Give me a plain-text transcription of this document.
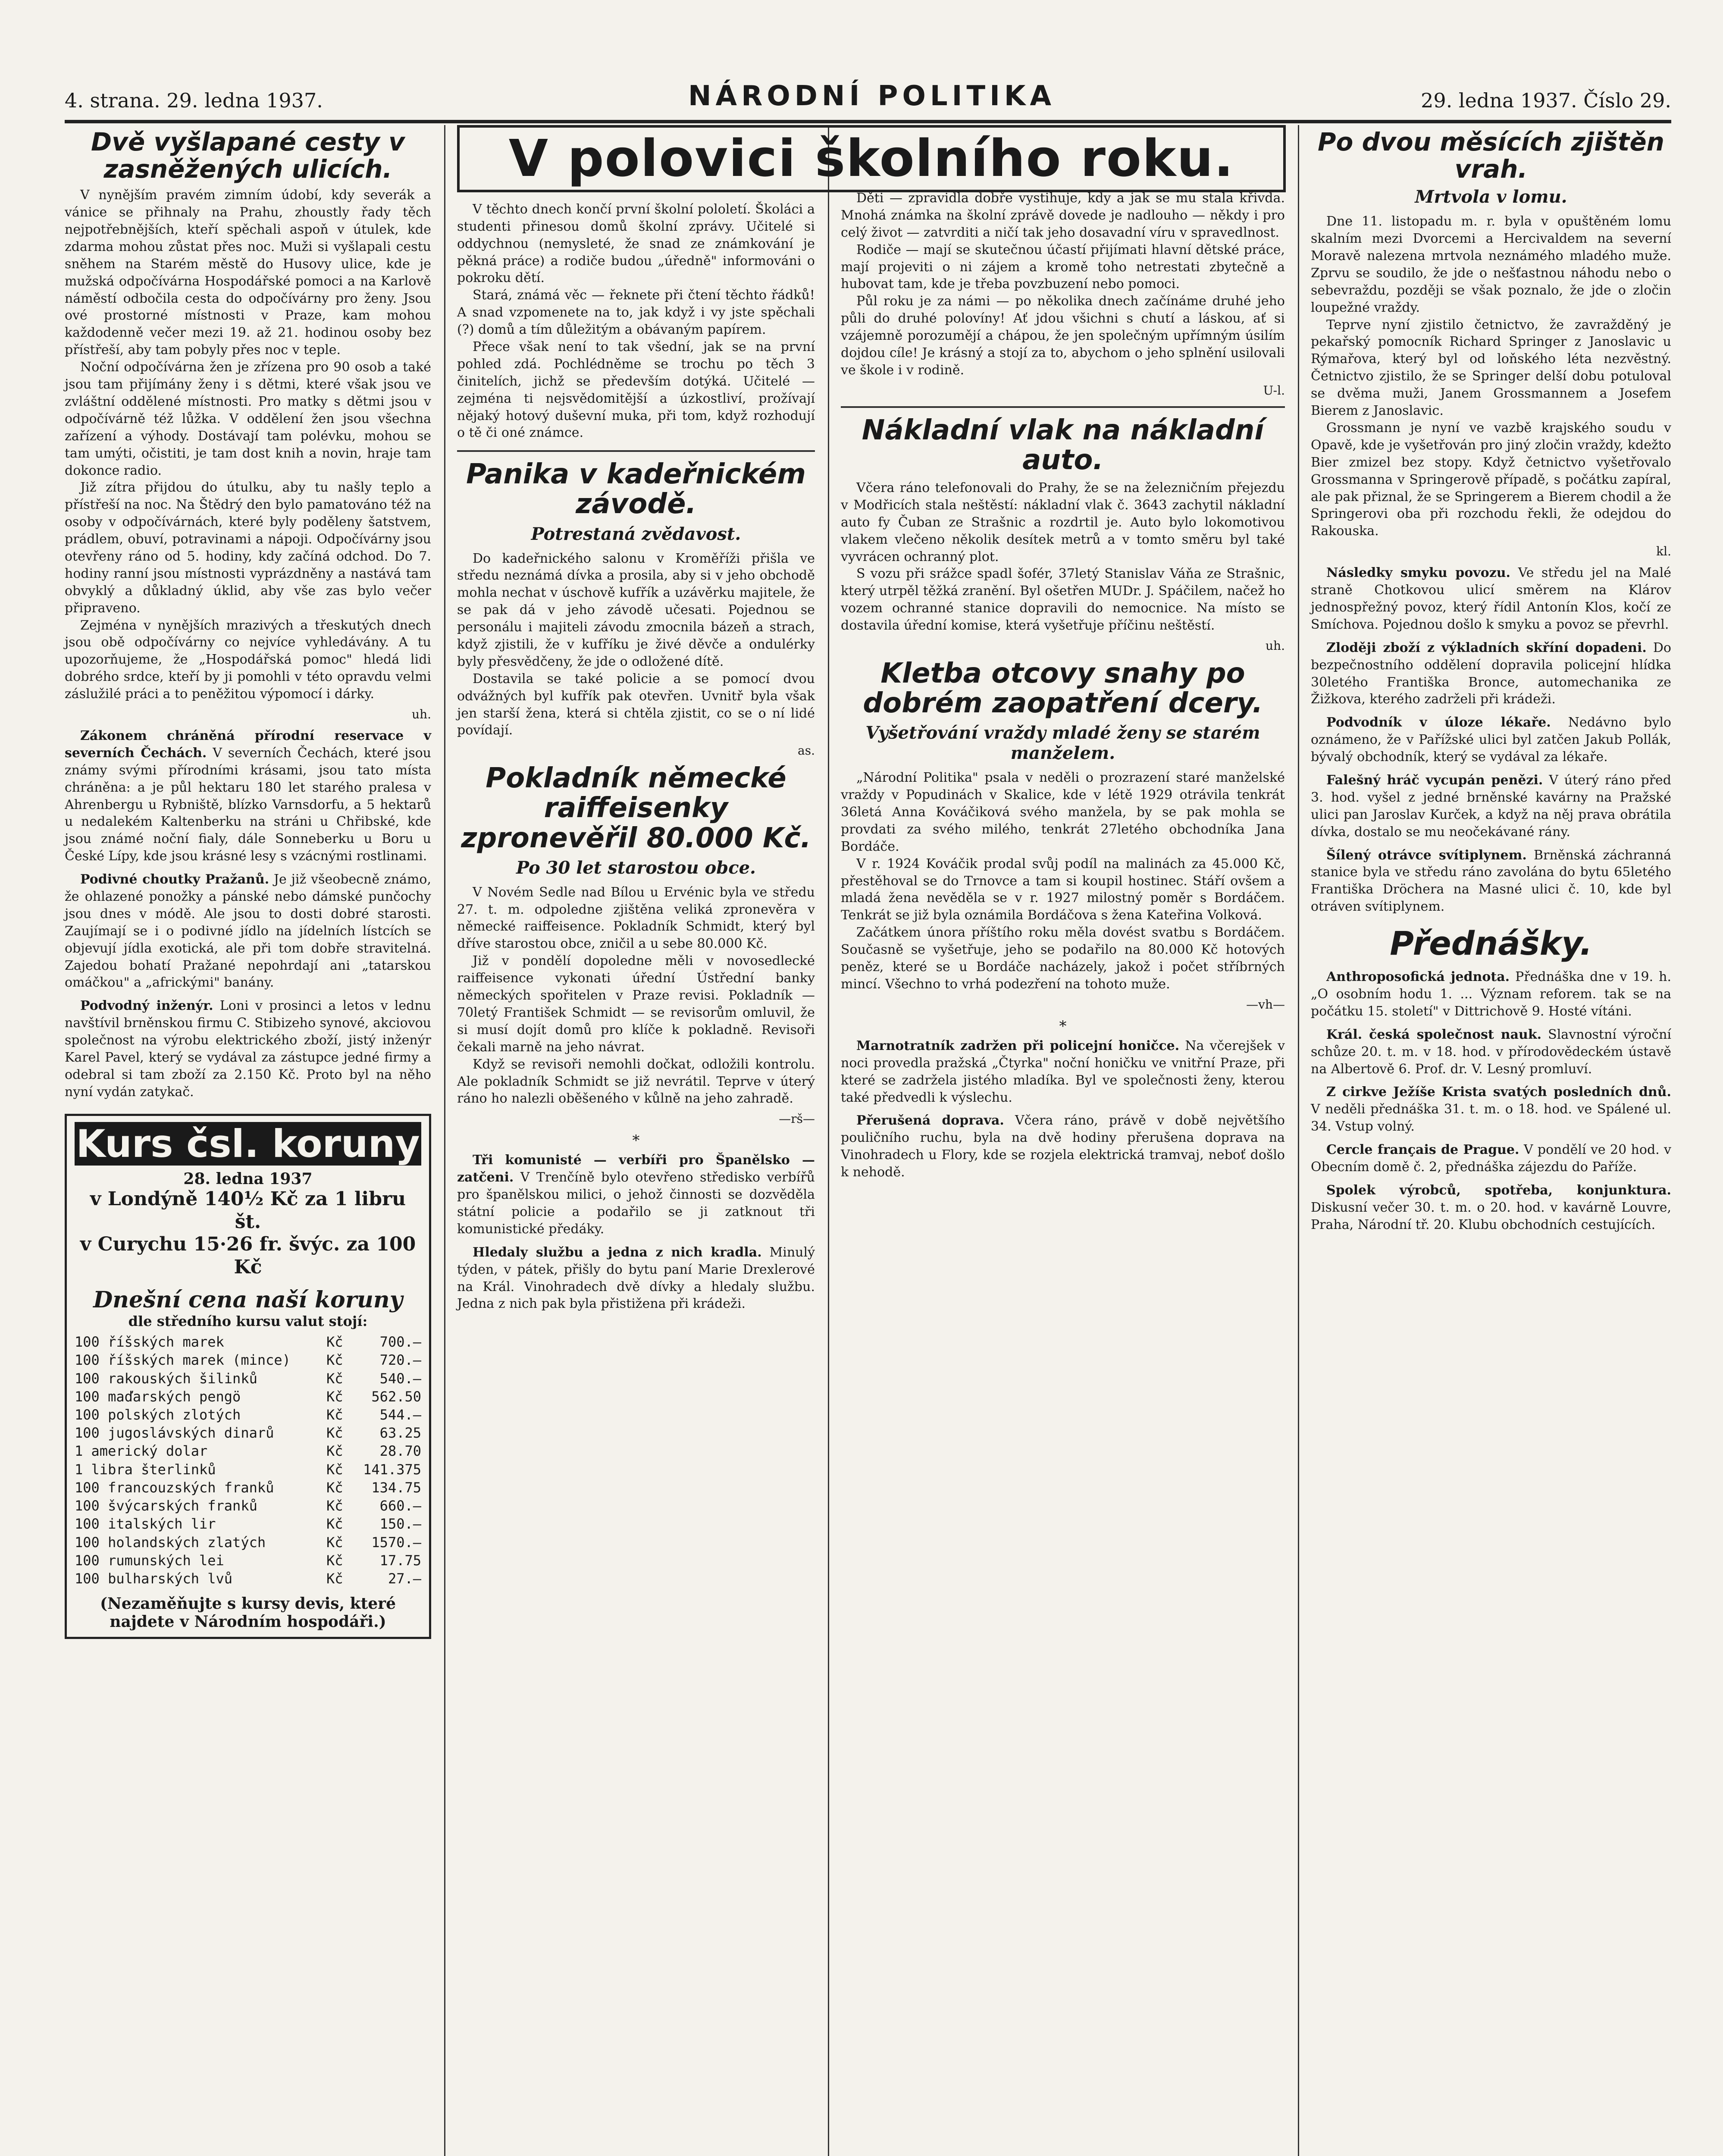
4. strana. 29. ledna 1937.	NÁRODNÍ POLITIKA	29. ledna 1937. Číslo 29.
Dvě vyšlapané cesty v zasněžených ulicích.

V nynějším pravém zimním údobí, kdy severák a vánice se přihnaly na Prahu, zhoustly řady těch nejpotřebnějších, kteří spěchali aspoň v útulek, kde zdarma mohou zůstat přes noc. Muži si vyšlapali cestu sněhem na Starém městě do Husovy ulice, kde je mužská odpočívárna Hospodářské pomoci a na Karlově náměstí odbočila cesta do odpočívárny pro ženy. Jsou ové prostorné místnosti v Praze, kam mohou každodenně večer mezi 19. až 21. hodinou osoby bez přístřeší, aby tam pobyly přes noc v teple.

Noční odpočívárna žen je zřízena pro 90 osob a také jsou tam přijímány ženy i s dětmi, které však jsou ve zvláštní oddělené místnosti. Pro matky s dětmi jsou v odpočívárně též lůžka. V oddělení žen jsou všechna zařízení a výhody. Dostávají tam polévku, mohou se tam umýti, očistiti, je tam dost knih a novin, hraje tam dokonce radio.

Již zítra přijdou do útulku, aby tu našly teplo a přístřeší na noc. Na Štědrý den bylo pamatováno též na osoby v odpočívárnách, které byly poděleny šatstvem, prádlem, obuví, potravinami a nápoji. Odpočívárny jsou otevřeny ráno od 5. hodiny, kdy začíná odchod. Do 7. hodiny ranní jsou místnosti vyprázdněny a nastává tam obvyklý a důkladný úklid, aby vše zas bylo večer připraveno.

Zejména v nynějších mrazivých a třeskutých dnech jsou obě odpočívárny co nejvíce vyhledávány. A tu upozorňujeme, že „Hospodářská pomoc" hledá lidi dobrého srdce, kteří by ji pomohli v této opravdu velmi záslužilé práci a to peněžitou výpomocí i dárky.

uh.

Zákonem chráněná přírodní reservace v severních Čechách. V severních Čechách, které jsou známy svými přírodními krásami, jsou tato místa chráněna: a je půl hektaru 180 let starého pralesa v Ahrenbergu u Rybniště, blízko Varnsdorfu, a 5 hektarů u nedalekém Kaltenberku na stráni u Chřibské, kde jsou známé noční fialy, dále Sonneberku u Boru u České Lípy, kde jsou krásné lesy s vzácnými rostlinami.

Podivné choutky Pražanů. Je již všeobecně známo, že ohlazené ponožky a pánské nebo dámské punčochy jsou dnes v módě. Ale jsou to dosti dobré starosti. Zaujímají se i o podivné jídlo na jídelních lístcích se objevují jídla exotická, ale při tom dobře stravitelná. Zajedou bohatí Pražané nepohrdají ani „tatarskou omáčkou" a „africkými" banány.

Podvodný inženýr. Loni v prosinci a letos v lednu navštívil brněnskou firmu C. Stibizeho synové, akciovou společnost na výrobu elektrického zboží, jistý inženýr Karel Pavel, který se vydával za zástupce jedné firmy a odebral si tam zboží za 2.150 Kč. Proto byl na něho nyní vydán zatykač.

Kurs čsl. koruny
28. ledna 1937
v Londýně 140½ Kč za 1 libru št.
v Curychu 15·26 fr. švýc. za 100 Kč
Dnešní cena naší koruny
dle středního kursu valut stojí:
100 říšských marek	Kč	700.—
100 říšských marek (mince)	Kč	720.—
100 rakouských šilinků	Kč	540.—
100 maďarských pengö	Kč	562.50
100 polských zlotých	Kč	544.—
100 jugoslávských dinarů	Kč	63.25
1 americký dolar	Kč	28.70
1 libra šterlinků	Kč	141.375
100 francouzských franků	Kč	134.75
100 švýcarských franků	Kč	660.—
100 italských lir	Kč	150.—
100 holandských zlatých	Kč	1570.—
100 rumunských lei	Kč	17.75
100 bulharských lvů	Kč	27.—
(Nezaměňujte s kursy devis, které najdete v Národním hospodáři.)
V polovici školního roku.

V těchto dnech končí první školní pololetí. Školáci a studenti přinesou domů školní zprávy. Učitelé si oddychnou (nemysleté, že snad ze známkování je pěkná práce) a rodiče budou „úředně" informováni o pokroku dětí.

Stará, známá věc — řeknete při čtení těchto řádků! A snad vzpomenete na to, jak když i vy jste spěchali (?) domů a tím důležitým a obávaným papírem.

Přece však není to tak všední, jak se na první pohled zdá. Pochlédněme se trochu po těch 3 činitelích, jichž se především dotýká. Učitelé — zejména ti nejsvědomitější a úzkostliví, prožívají nějaký hotový duševní muka, při tom, když rozhodují o tě či oné známce.

Panika v kadeřnickém závodě.
Potrestaná zvědavost.

Do kadeřnického salonu v Kroměříži přišla ve středu neznámá dívka a prosila, aby si v jeho obchodě mohla nechat v úschově kufřík a uzávěrku majitele, že se pak dá v jeho závodě učesati. Pojednou se personálu i majiteli závodu zmocnila bázeň a strach, když zjistili, že v kufříku je živé děvče a ondulérky byly přesvědčeny, že jde o odložené dítě.

Dostavila se také policie a se pomocí dvou odvážných byl kufřík pak otevřen. Uvnitř byla však jen starší žena, která si chtěla zjistit, co se o ní lidé povídají.

as.
Pokladník německé raiffeisenky zpronevěřil 80.000 Kč.
Po 30 let starostou obce.

V Novém Sedle nad Bílou u Ervénic byla ve středu 27. t. m. odpoledne zjištěna veliká zpronevěra v německé raiffeisence. Pokladník Schmidt, který byl dříve starostou obce, zničil a u sebe 80.000 Kč.

Již v pondělí dopoledne měli v novosedlecké raiffeisence vykonati úřední Ústřední banky německých spořitelen v Praze revisi. Pokladník — 70letý František Schmidt — se revisorům omluvil, že si musí dojít domů pro klíče k pokladně. Revisoři čekali marně na jeho návrat.

Když se revisoři nemohli dočkat, odložili kontrolu. Ale pokladník Schmidt se již nevrátil. Teprve v úterý ráno ho nalezli oběšeného v kůlně na jeho zahradě.

—rš—
*

Tři komunisté — verbíři pro Španělsko — zatčeni. V Trenčíně bylo otevřeno středisko verbířů pro španělskou milici, o jehož činnosti se dozvěděla státní policie a podařilo se ji zatknout tři komunistické předáky.

Hledaly službu a jedna z nich kradla. Minulý týden, v pátek, přišly do bytu paní Marie Drexlerové na Král. Vinohradech dvě dívky a hledaly službu. Jedna z nich pak byla přistižena při krádeži.

Děti — zpravidla dobře vystihuje, kdy a jak se mu stala křivda. Mnohá známka na školní zprávě dovede je nadlouho — někdy i pro celý život — zatvrditi a ničí tak jeho dosavadní víru v spravedlnost.

Rodiče — mají se skutečnou účastí přijímati hlavní dětské práce, mají projeviti o ni zájem a kromě toho netrestati zbytečně a hubovat tam, kde je třeba povzbuzení nebo pomoci.

Půl roku je za námi — po několika dnech začínáme druhé jeho půli do druhé polovíny! Ať jdou všichni s chutí a láskou, ať si vzájemně porozumějí a chápou, že jen společným upřímným úsilím dojdou cíle! Je krásný a stojí za to, abychom o jeho splnění usilovali ve škole i v rodině.

U-l.
Nákladní vlak na nákladní auto.

Včera ráno telefonovali do Prahy, že se na železničním přejezdu v Modřicích stala neštěstí: nákladní vlak č. 3643 zachytil nákladní auto fy Čuban ze Strašnic a rozdrtil je. Auto bylo lokomotivou vlakem vlečeno několik desítek metrů a v tomto směru byl také vyvrácen ochranný plot.

S vozu při srážce spadl šofér, 37letý Stanislav Váňa ze Strašnic, který utrpěl těžká zranění. Byl ošetřen MUDr. J. Spáčilem, načež ho vozem ochranné stanice dopravili do nemocnice. Na místo se dostavila úřední komise, která vyšetřuje příčinu neštěstí.

uh.
Kletba otcovy snahy po dobrém zaopatření dcery.
Vyšetřování vraždy mladé ženy se starém manželem.

„Národní Politika" psala v neděli o prozrazení staré manželské vraždy v Popudinách v Skalice, kde v létě 1929 otrávila tenkrát 36letá Anna Kováčiková svého manžela, by se pak mohla se provdati za svého milého, tenkrát 27letého obchodníka Jana Bordáče.

V r. 1924 Kováčik prodal svůj podíl na malinách za 45.000 Kč, přestěhoval se do Trnovce a tam si koupil hostinec. Stáří ovšem a mladá žena nevěděla se v r. 1927 milostný poměr s Bordáčem. Tenkrát se již byla oznámila Bordáčova s žena Kateřina Volková.

Začátkem února příštího roku měla dovést svatbu s Bordáčem. Současně se vyšetřuje, jeho se podařilo na 80.000 Kč hotových peněz, které se u Bordáče nacházely, jakož i počet stříbrných mincí. Všechno to vrhá podezření na tohoto muže.

—vh—
*

Marnotratník zadržen při policejní honičce. Na včerejšek v noci provedla pražská „Čtyrka" noční honičku ve vnitřní Praze, při které se zadržela jistého mladíka. Byl ve společnosti ženy, kterou také předvedli k výslechu.

Přerušená doprava. Včera ráno, právě v době největšího pouličního ruchu, byla na dvě hodiny přerušena doprava na Vinohradech u Flory, kde se rozjela elektrická tramvaj, neboť došlo k nehodě.

Po dvou měsících zjištěn vrah.
Mrtvola v lomu.

Dne 11. listopadu m. r. byla v opuštěném lomu skalním mezi Dvorcemi a Hercivaldem na severní Moravě nalezena mrtvola neznámého mladého muže. Zprvu se soudilo, že jde o nešťastnou náhodu nebo o sebevraždu, později se však poznalo, že jde o zločin loupežné vraždy.

Teprve nyní zjistilo četnictvo, že zavražděný je pekařský pomocník Richard Springer z Janoslavic u Rýmařova, který byl od loňského léta nezvěstný. Četnictvo zjistilo, že se Springer delší dobu potuloval se dvěma muži, Janem Grossmannem a Josefem Bierem z Janoslavic.

Grossmann je nyní ve vazbě krajského soudu v Opavě, kde je vyšetřován pro jiný zločin vraždy, kdežto Bier zmizel bez stopy. Když četnictvo vyšetřovalo Grossmanna v Springerově případě, s počátku zapíral, ale pak přiznal, že se Springerem a Bierem chodil a že Springerovi oba při rozchodu řekli, že odejdou do Rakouska.

kl.

Následky smyku povozu. Ve středu jel na Malé straně Chotkovou ulicí směrem na Klárov jednospřežný povoz, který řídil Antonín Klos, kočí ze Smíchova. Pojednou došlo k smyku a povoz se převrhl.

Zloději zboží z výkladních skříní dopadeni. Do bezpečnostního oddělení dopravila policejní hlídka 30letého Františka Bronce, automechanika ze Žižkova, kterého zadrželi při krádeži.

Podvodník v úloze lékaře. Nedávno bylo oznámeno, že v Pařížské ulici byl zatčen Jakub Pollák, bývalý obchodník, který se vydával za lékaře.

Falešný hráč vycupán penězi. V úterý ráno před 3. hod. vyšel z jedné brněnské kavárny na Pražské ulici pan Jaroslav Kurček, a když na něj prava obrátila dívka, dostalo se mu neočekávané rány.

Šílený otrávce svítiplynem. Brněnská záchranná stanice byla ve středu ráno zavolána do bytu 65letého Františka Dröchera na Masné ulici č. 10, kde byl otráven svítiplynem.

Přednášky.

Anthroposofická jednota. Přednáška dne v 19. h. „O osobním hodu 1. ... Význam reforem. tak se na počátku 15. století" v Dittrichově 9. Hosté vítáni.

Král. česká společnost nauk. Slavnostní výroční schůze 20. t. m. v 18. hod. v přírodovědeckém ústavě na Albertově 6. Prof. dr. V. Lesný promluví.

Z cirkve Ježíše Krista svatých posledních dnů. V neděli přednáška 31. t. m. o 18. hod. ve Spálené ul. 34. Vstup volný.

Cercle français de Prague. V pondělí ve 20 hod. v Obecním domě č. 2, přednáška zájezdu do Paříže.

Spolek výrobců, spotřeba, konjunktura. Diskusní večer 30. t. m. o 20. hod. v kavárně Louvre, Praha, Národní tř. 20. Klubu obchodních cestujících.
